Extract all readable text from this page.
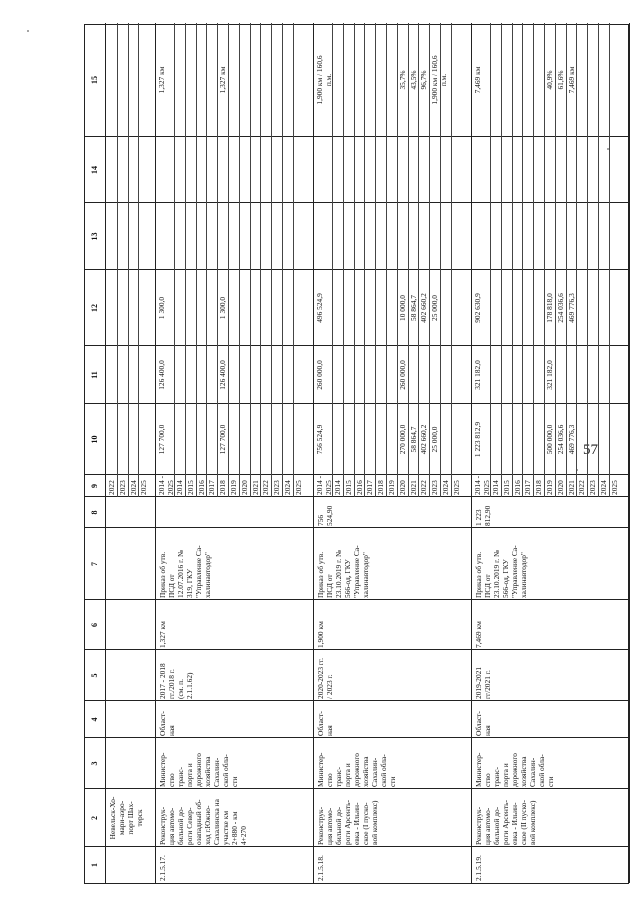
57
1
2
3
4
5
6
7
8
9
10
11
12
13
14
15
Невельск-Хо-
мари-аэро-
порт Шах-
терск
2022 2023 2024 2025
2.1.5.17.
Реконструк-
ция автомо-
бильной до-
роги Север-
озападный об-
ход г.Южно-
Сахалинска на
участке км
2+880 - км
4+270
Министер-
ство
транс-
порта и
дорожного
хозяйства
Сахалин-
ской обла-
сти
Област-
ная
2017 - 2018
гг./2018 г.
(см. п.
2.1.1.62)
1,327 км
Приказ об утв.
ПСД от
12.07.2016 г. №
319, ГКУ
"Управление Са-
халинавтодор"
2014 -
2025
127 700,0
126 400,0
1 300,0
1,327 км
2014 2015 2016 2017 2018
127 700,0
126 400,0
1 300,0
1,327 км
2019 2020 2021 2022 2023 2024 2025
2.1.5.18.
Реконструк-
ция автомо-
бильной до-
роги Арсенть-
евка - Ильин-
ское (I пуско-
вой комплекс)
Министер-
ство
транс-
порта и
дорожного
хозяйства
Сахалин-
ской обла-
сти
Област-
ная
2020-2023 гг.
/ 2023 г.
1,900 км
Приказ об утв.
ПСД от
23.10.2019 г. №
566-од, ГКУ
"Управление Са-
халинавтодор"
756 524,90
2014 -
2025
756 524,9
260 000,0
496 524,9
1,900 км / 160,6
п.м.
2014 2015 2016 2017 2018 2019 2020
270 000,0
260 000,0
10 000,0
35,7%
2021
58 864,7
58 864,7
43,5%
2022
402 660,2
402 660,2
96,7%
2023
25 000,0
25 000,0
1,900 км / 160,6
п.м.
2024 2025
2.1.5.19.
Реконструк-
ция автомо-
бильной до-
роги Арсенть-
евка - Ильин-
ское (II пуско-
вой комплекс)
Министер-
ство
транс-
порта и
дорожного
хозяйства
Сахалин-
ской обла-
сти
Област-
ная
2019-2021
гг/2021 г.
7,469 км
Приказ об утв.
ПСД от
23.10.2019 г. №
566-од, ГКУ
"Управление Са-
халинавтодор"
1 223
812,90
2014 -
2025
1 223 812,9
321 182,0
902 630,9
7,469 км
2014 2015 2016 2017 2018 2019
500 000,0
321 182,0
178 818,0
40,9%
2020
254 036,6
254 036,6
61,6%
2021
469 776,3
469 776,3
7,469 км
2022 2023 2024 2025
